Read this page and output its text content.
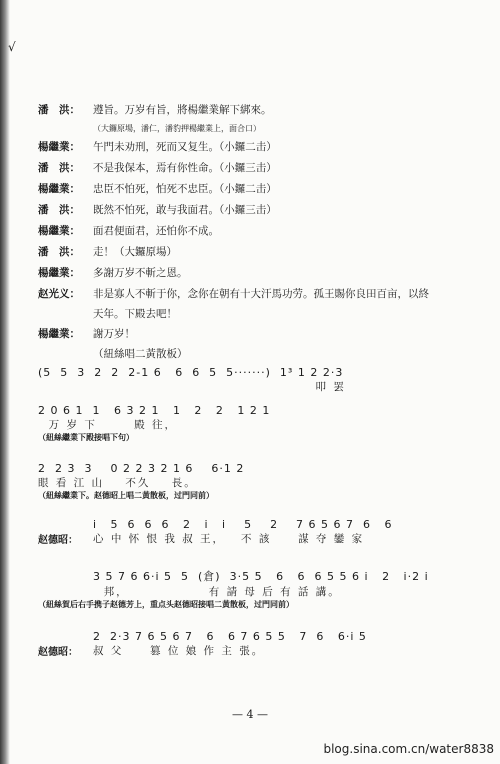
√
潘　洪：	遵旨。万岁有旨，將楊繼業解下綁來。
（大鑼原場，潘仁，潘豹押楊繼業上，面合口）
楊繼業：	午門未劝刑，死而又复生。（小鑼二击）
潘　洪：	不是我保本，焉有你性命。（小鑼三击）
楊繼業：	忠臣不怕死，怕死不忠臣。（小鑼二击）
潘　洪：	既然不怕死，敢与我面君。（小鑼三击）
楊繼業：	面君便面君，还怕你不成。
潘　洪：	走！（大鑼原場）
楊繼業：	多謝万岁不斬之恩。
赵光义：	非是寡人不斬于你，念你在朝有十大汗馬功劳。孤王賜你良田百亩，以終
天年。下殿去吧！
楊繼業：	謝万岁！
（紐絲唱二黃散板）
(5  5  3  2  2  2-1 6   6  6  5  5·······)  1³ 1 2 2·3
叩 罢
2 0 6 1  1   6 3 2 1   1   2   2   1 2 1
万 岁 下       殿 往，
（紐絲繼業下殿接唱下句）
2  2 3  3    0 2 2 3 2 1 6    6·1 2
眼 看 江 山    不久    長。
（紐絲繼業下。赵德昭上唱二黃散板，过門同前）
i   5  6  6  6   2   i   i    5    2    7 6 5 6 7  6   6
赵德昭：	心 中 怀 恨 我 叔 王，   不 該     謀 夺 鑾 家
3 5 7 6 6·i 5  5  (倉)  3·5 5   6   6  6 5 5 6 i   2   i·2 i
邦，               有 請 母 后 有 話 講。
（紐絲賀后右手携子赵德芳上，重点头赵德昭接唱二黃散板，过門同前）
2  2·3 7 6 5 6 7   6   6 7 6 5 5   7  6   6·i 5
赵德昭：	叔 父     篡 位 娘 作 主 張。
— 4 —
blog.sina.com.cn/water8838
